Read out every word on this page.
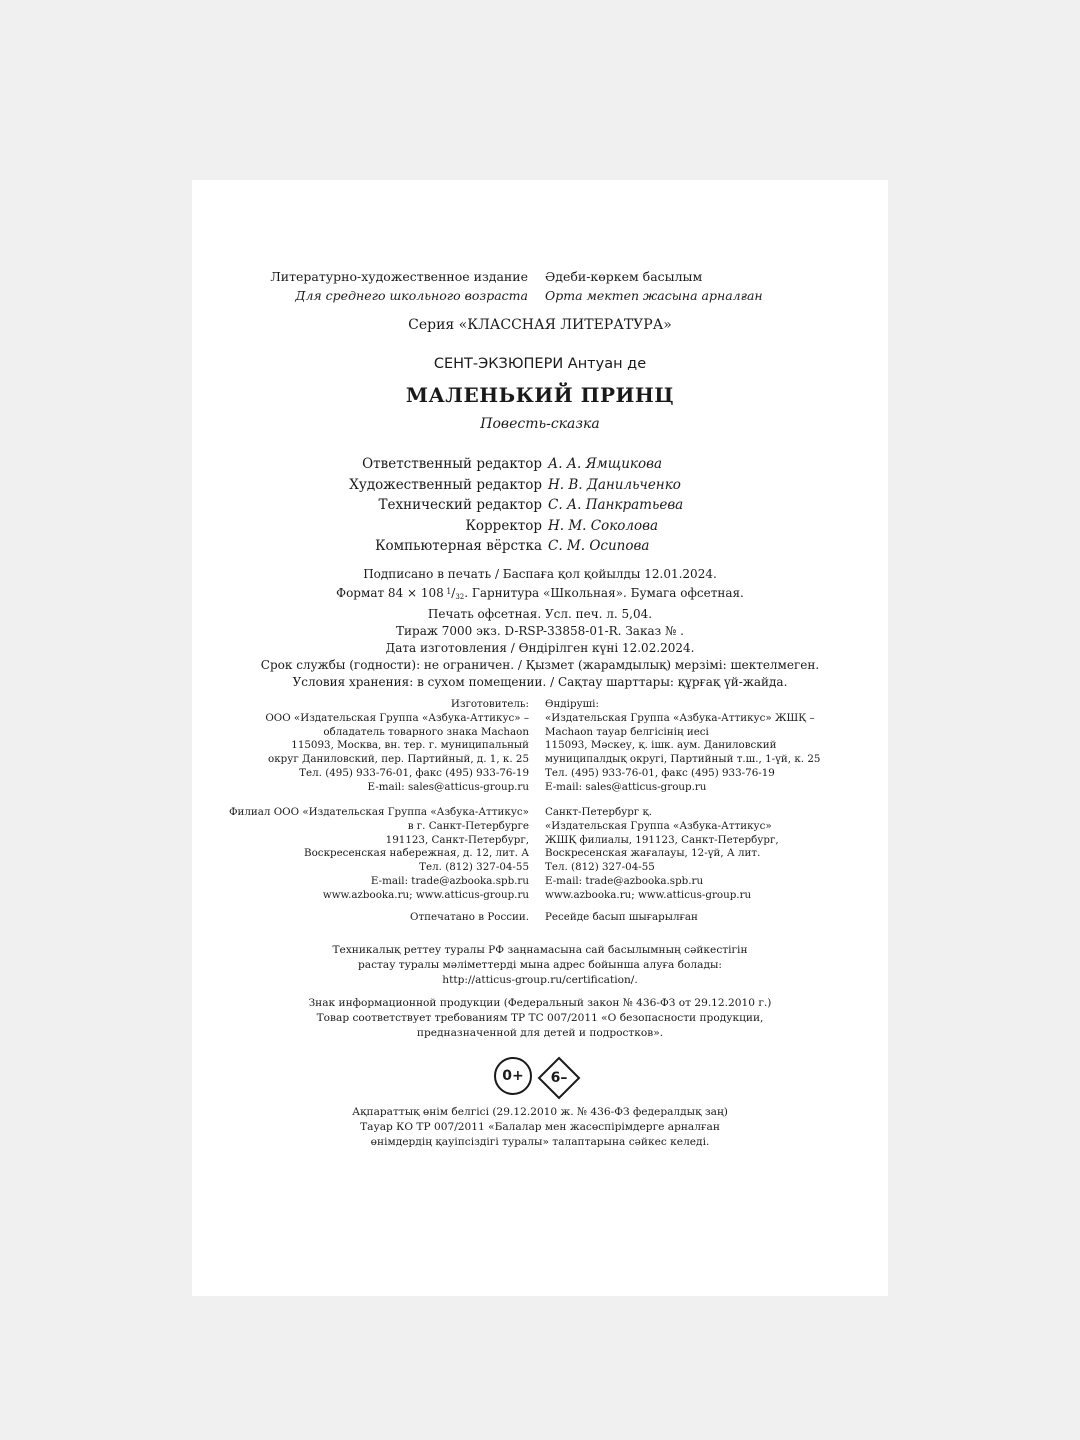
Литературно-художественное издание
Для среднего школьного возраста
Әдеби-көркем басылым
Орта мектеп жасына арналған
Серия «КЛАССНАЯ ЛИТЕРАТУРА»
СЕНТ-ЭКЗЮПЕРИ Антуан де
МАЛЕНЬКИЙ ПРИНЦ
Повесть-сказка
Ответственный редактор А. А. Ямщикова
Художественный редактор Н. В. Данильченко
Технический редактор С. А. Панкратьева
Корректор Н. М. Соколова
Компьютерная вёрстка С. М. Осипова
Подписано в печать / Баспаға қол қойылды 12.01.2024.
Формат 84 × 108  $^1$/32. Гарнитура «Школьная». Бумага офсетная.
Печать офсетная. Усл. печ. л. 5,04.
Тираж 7000 экз. D-RSP-33858-01-R. Заказ № .
Дата изготовления / Өндірілген күні 12.02.2024.
Срок службы (годности): не ограничен. / Қызмет (жарамдылық) мерзімі: шектелмеген.
Условия хранения: в сухом помещении. / Сақтау шарттары: құрғақ үй-жайда.
Изготовитель:
ООО «Издательская Группа «Азбука-Аттикус» –
обладатель товарного знака Machaon
115093, Москва, вн. тер. г. муниципальный
округ Даниловский, пер. Партийный, д. 1, к. 25
Тел. (495) 933-76-01, факс (495) 933-76-19
E-mail: sales@atticus-group.ru
Өндіруші:
«Издательская Группа «Азбука-Аттикус» ЖШҚ –
Machaon тауар белгісінің иесі
115093, Мәскеу, қ. ішк. аум. Даниловский
муниципалдық округі, Партийный т.ш., 1-үй, к. 25
Тел. (495) 933-76-01, факс (495) 933-76-19
E-mail: sales@atticus-group.ru
Филиал ООО «Издательская Группа «Азбука-Аттикус»
в г. Санкт-Петербурге
191123, Санкт-Петербург,
Воскресенская набережная, д. 12, лит. А
Тел. (812) 327-04-55
E-mail: trade@azbooka.spb.ru
www.azbooka.ru; www.atticus-group.ru
Санкт-Петербург қ.
«Издательская Группа «Азбука-Аттикус»
ЖШҚ филиалы, 191123, Санкт-Петербург,
Воскресенская жағалауы, 12-үй, А лит.
Тел. (812) 327-04-55
E-mail: trade@azbooka.spb.ru
www.azbooka.ru; www.atticus-group.ru
Отпечатано в России. Ресейде басып шығарылған
Техникалық реттеу туралы РФ заңнамасына сай басылымның сәйкестігін
растау туралы мәліметтерді мына адрес бойынша алуға болады:
http://atticus-group.ru/certification/.
Знак информационной продукции (Федеральный закон № 436-ФЗ от 29.12.2010 г.)
Товар соответствует требованиям ТР ТС 007/2011 «О безопасности продукции,
предназначенной для детей и подростков».
0+	6–
Ақпараттық өнім белгісі (29.12.2010 ж. № 436-ФЗ федералдық заң)
Тауар КО ТР 007/2011 «Балалар мен жасөспірімдерге арналған
өнімдердің қауіпсіздігі туралы» талаптарына сәйкес келеді.
